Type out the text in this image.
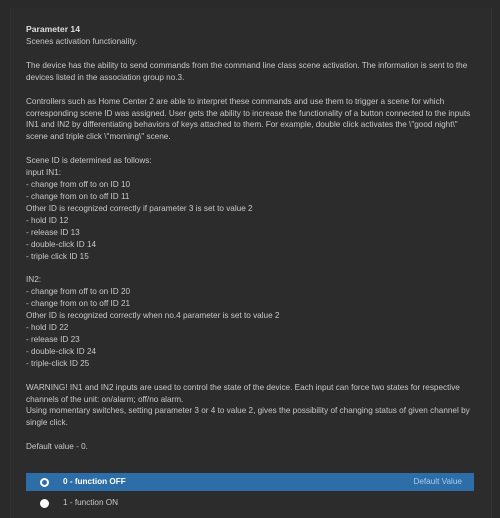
Parameter 14

Scenes activation functionality.

The device has the ability to send commands from the command line class scene activation. The information is sent to the devices listed in the association group no.3.

Controllers such as Home Center 2 are able to interpret these commands and use them to trigger a scene for which corresponding scene ID was assigned. User gets the ability to increase the functionality of a button connected to the inputs IN1 and IN2 by differentiating behaviors of keys attached to them. For example, double click activates the \"good night\" scene and triple click \"morning\" scene.

Scene ID is determined as follows:
input IN1:
- change from off to on ID 10
- change from on to off ID 11
Other ID is recognized correctly if parameter 3 is set to value 2
- hold ID 12
- release ID 13
- double-click ID 14
- triple click ID 15

IN2:
- change from off to on ID 20
- change from on to off ID 21
Other ID is recognized correctly when no.4 parameter is set to value 2
- hold ID 22
- release ID 23
- double-click ID 24
- triple-click ID 25

WARNING! IN1 and IN2 inputs are used to control the state of the device. Each input can force two states for respective channels of the unit: on/alarm; off/no alarm.
Using momentary switches, setting parameter 3 or 4 to value 2, gives the possibility of changing status of given channel by single click.

Default value - 0.

0 - function OFF	Default Value
1 - function ON
